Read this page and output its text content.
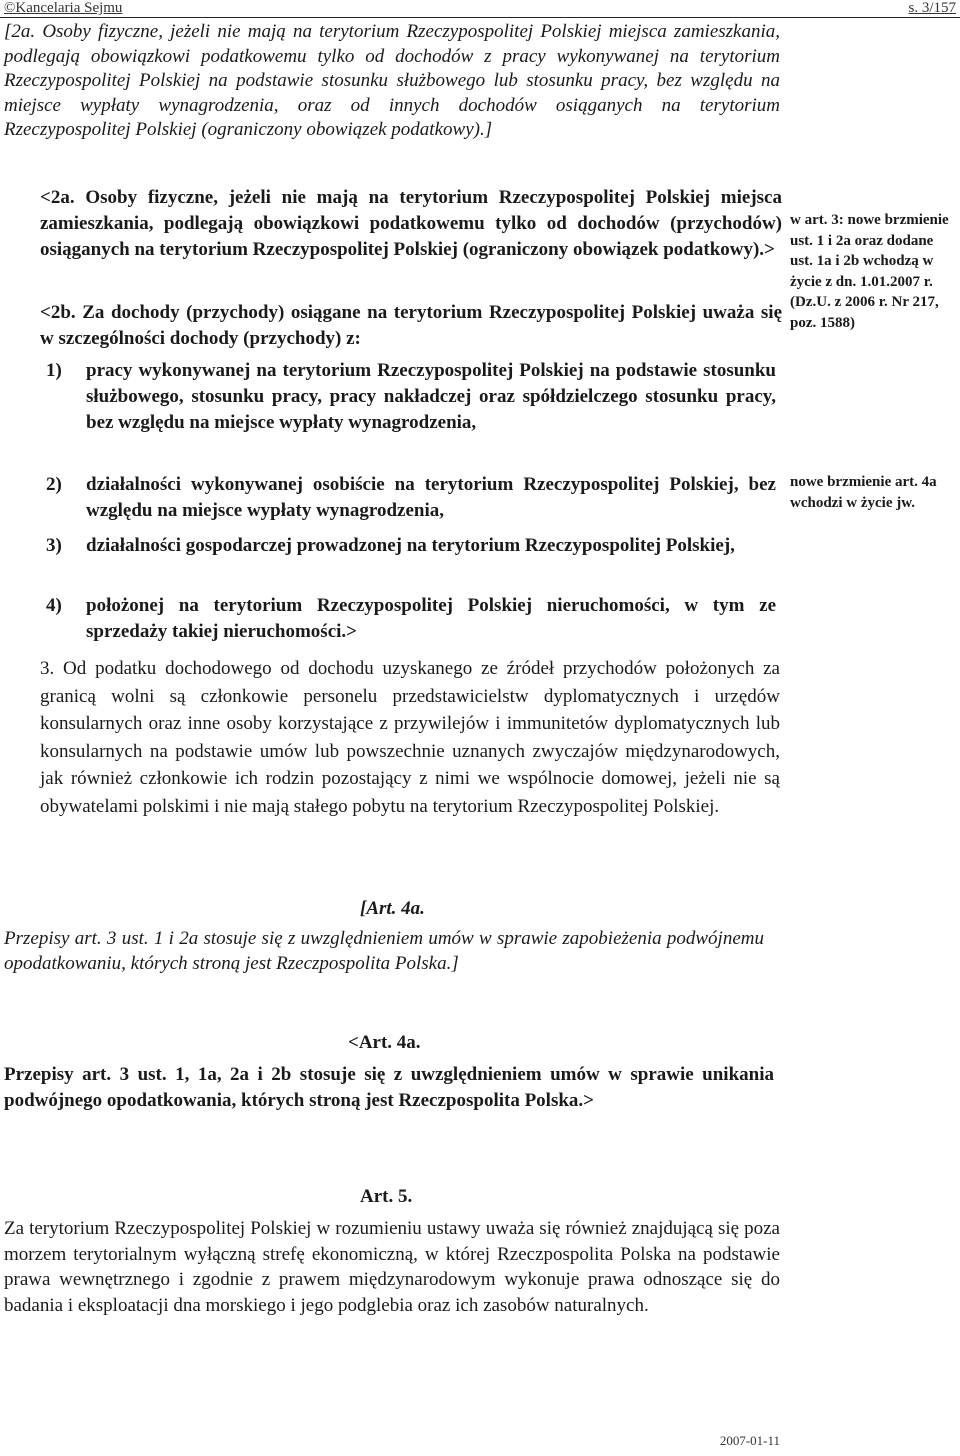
©Kancelaria Sejmu	s. 3/157

[2a. Osoby fizyczne, jeżeli nie mają na terytorium Rzeczypospolitej Polskiej miejsca zamieszkania, podlegają obowiązkowi podatkowemu tylko od dochodów z pracy wykonywanej na terytorium Rzeczypospolitej Polskiej na podstawie stosunku służbowego lub stosunku pracy, bez względu na miejsce wypłaty wynagrodzenia, oraz od innych dochodów osiąganych na terytorium Rzeczypospolitej Polskiej (ograniczony obowiązek podatkowy).]

<2a. Osoby fizyczne, jeżeli nie mają na terytorium Rzeczypospolitej Polskiej miejsca zamieszkania, podlegają obowiązkowi podatkowemu tylko od dochodów (przychodów) osiąganych na terytorium Rzeczypospolitej Polskiej (ograniczony obowiązek podatkowy).>

<2b. Za dochody (przychody) osiągane na terytorium Rzeczypospolitej Polskiej uważa się w szczególności dochody (przychody) z:

1) pracy wykonywanej na terytorium Rzeczypospolitej Polskiej na podstawie stosunku służbowego, stosunku pracy, pracy nakładczej oraz spółdzielczego stosunku pracy, bez względu na miejsce wypłaty wynagrodzenia,
2) działalności wykonywanej osobiście na terytorium Rzeczypospolitej Polskiej, bez względu na miejsce wypłaty wynagrodzenia,
3) działalności gospodarczej prowadzonej na terytorium Rzeczypospolitej Polskiej,
4) położonej na terytorium Rzeczypospolitej Polskiej nieruchomości, w tym ze sprzedaży takiej nieruchomości.>

3. Od podatku dochodowego od dochodu uzyskanego ze źródeł przychodów położonych za granicą wolni są członkowie personelu przedstawicielstw dyplomatycznych i urzędów konsularnych oraz inne osoby korzystające z przywilejów i immunitetów dyplomatycznych lub konsularnych na podstawie umów lub powszechnie uznanych zwyczajów międzynarodowych, jak również członkowie ich rodzin pozostający z nimi we wspólnocie domowej, jeżeli nie są obywatelami polskimi i nie mają stałego pobytu na terytorium Rzeczypospolitej Polskiej.

[Art. 4a.

Przepisy art. 3 ust. 1 i 2a stosuje się z uwzględnieniem umów w sprawie zapobieżenia podwójnemu opodatkowaniu, których stroną jest Rzeczpospolita Polska.]

<Art. 4a.

Przepisy art. 3 ust. 1, 1a, 2a i 2b stosuje się z uwzględnieniem umów w sprawie unikania podwójnego opodatkowania, których stroną jest Rzeczpospolita Polska.>

Art. 5.

Za terytorium Rzeczypospolitej Polskiej w rozumieniu ustawy uważa się również znajdującą się poza morzem terytorialnym wyłączną strefę ekonomiczną, w której Rzeczpospolita Polska na podstawie prawa wewnętrznego i zgodnie z prawem międzynarodowym wykonuje prawa odnoszące się do badania i eksploatacji dna morskiego i jego podglebia oraz ich zasobów naturalnych.

w art. 3: nowe brzmienie ust. 1 i 2a oraz dodane ust. 1a i 2b wchodzą w życie z dn. 1.01.2007 r. (Dz.U. z 2006 r. Nr 217, poz. 1588)

nowe brzmienie art. 4a wchodzi w życie jw.

2007-01-11
